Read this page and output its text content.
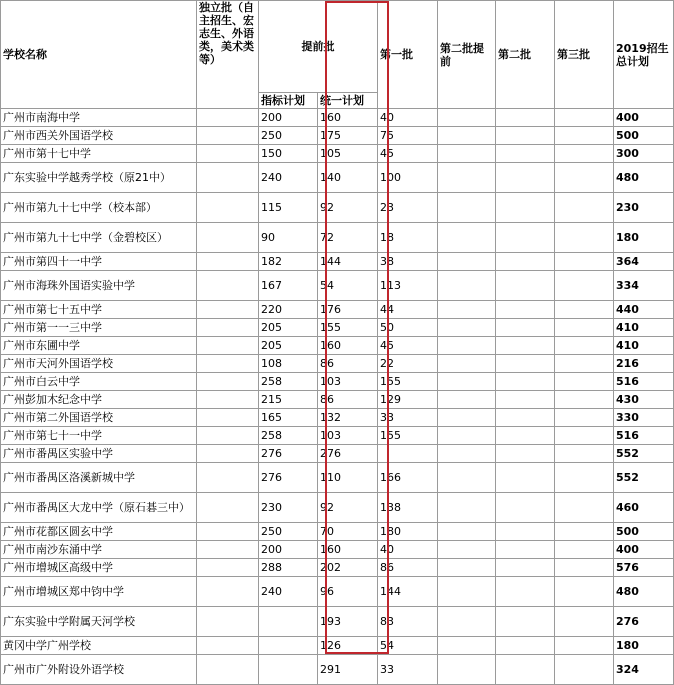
学校名称	独立批（自主招生、宏志生、外语类，美术类等）	提前批		第一批	第二批提前	第二批	第三批	2019招生总计划
		指标计划	统一计划					
广州市南海中学		200	160	40				400
广州市西关外国语学校		250	175	75				500
广州市第十七中学		150	105	45				300
广东实验中学越秀学校（原21中）		240	140	100				480
广州市第九十七中学（校本部）		115	92	23				230
广州市第九十七中学（金碧校区）		90	72	18				180
广州市第四十一中学		182	144	38				364
广州市海珠外国语实验中学		167	54	113				334
广州市第七十五中学		220	176	44				440
广州市第一一三中学		205	155	50				410
广州市东圃中学		205	160	45				410
广州市天河外国语学校		108	86	22				216
广州市白云中学		258	103	155				516
广州彭加木纪念中学		215	86	129				430
广州市第二外国语学校		165	132	33				330
广州市第七十一中学		258	103	155				516
广州市番禺区实验中学		276	276					552
广州市番禺区洛溪新城中学		276	110	166				552
广州市番禺区大龙中学（原石碁三中）		230	92	138				460
广州市花都区圆玄中学		250	70	180				500
广州市南沙东涌中学		200	160	40				400
广州市增城区高级中学		288	202	86				576
广州市增城区郑中钧中学		240	96	144				480
广东实验中学附属天河学校			193	83				276
黄冈中学广州学校			126	54				180
广州市广外附设外语学校			291	33				324
